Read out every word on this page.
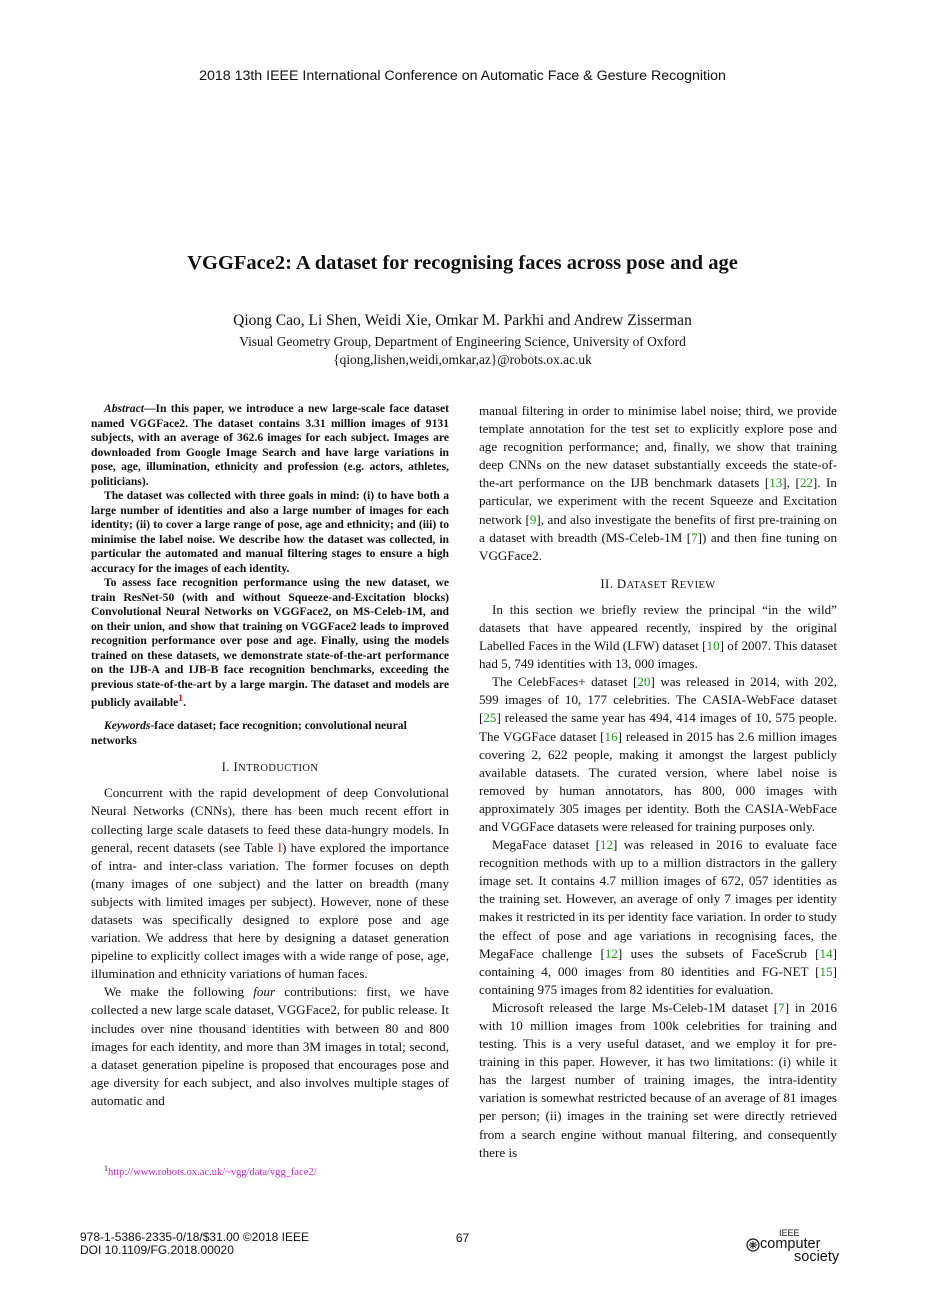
2018 13th IEEE International Conference on Automatic Face & Gesture Recognition
VGGFace2: A dataset for recognising faces across pose and age
Qiong Cao, Li Shen, Weidi Xie, Omkar M. Parkhi and Andrew Zisserman
Visual Geometry Group, Department of Engineering Science, University of Oxford
{qiong,lishen,weidi,omkar,az}@robots.ox.ac.uk

Abstract—In this paper, we introduce a new large-scale face dataset named VGGFace2. The dataset contains 3.31 million images of 9131 subjects, with an average of 362.6 images for each subject. Images are downloaded from Google Image Search and have large variations in pose, age, illumination, ethnicity and profession (e.g. actors, athletes, politicians).

The dataset was collected with three goals in mind: (i) to have both a large number of identities and also a large number of images for each identity; (ii) to cover a large range of pose, age and ethnicity; and (iii) to minimise the label noise. We describe how the dataset was collected, in particular the automated and manual filtering stages to ensure a high accuracy for the images of each identity.

To assess face recognition performance using the new dataset, we train ResNet-50 (with and without Squeeze-and-Excitation blocks) Convolutional Neural Networks on VGGFace2, on MS-Celeb-1M, and on their union, and show that training on VGGFace2 leads to improved recognition performance over pose and age. Finally, using the models trained on these datasets, we demonstrate state-of-the-art performance on the IJB-A and IJB-B face recognition benchmarks, exceeding the previous state-of-the-art by a large margin. The dataset and models are publicly available$^1$.

Keywords-face dataset; face recognition; convolutional neural networks
I. INTRODUCTION

Concurrent with the rapid development of deep Convolutional Neural Networks (CNNs), there has been much recent effort in collecting large scale datasets to feed these data-hungry models. In general, recent datasets (see Table I) have explored the importance of intra- and inter-class variation. The former focuses on depth (many images of one subject) and the latter on breadth (many subjects with limited images per subject). However, none of these datasets was specifically designed to explore pose and age variation. We address that here by designing a dataset generation pipeline to explicitly collect images with a wide range of pose, age, illumination and ethnicity variations of human faces.

We make the following four contributions: first, we have collected a new large scale dataset, VGGFace2, for public release. It includes over nine thousand identities with between 80 and 800 images for each identity, and more than 3M images in total; second, a dataset generation pipeline is proposed that encourages pose and age diversity for each subject, and also involves multiple stages of automatic and

manual filtering in order to minimise label noise; third, we provide template annotation for the test set to explicitly explore pose and age recognition performance; and, finally, we show that training deep CNNs on the new dataset substantially exceeds the state-of-the-art performance on the IJB benchmark datasets [13], [22]. In particular, we experiment with the recent Squeeze and Excitation network [9], and also investigate the benefits of first pre-training on a dataset with breadth (MS-Celeb-1M [7]) and then fine tuning on VGGFace2.

II. DATASET REVIEW

In this section we briefly review the principal “in the wild” datasets that have appeared recently, inspired by the original Labelled Faces in the Wild (LFW) dataset [10] of 2007. This dataset had 5, 749 identities with 13, 000 images.

The CelebFaces+ dataset [20] was released in 2014, with 202, 599 images of 10, 177 celebrities. The CASIA-WebFace dataset [25] released the same year has 494, 414 images of 10, 575 people. The VGGFace dataset [16] released in 2015 has 2.6 million images covering 2, 622 people, making it amongst the largest publicly available datasets. The curated version, where label noise is removed by human annotators, has 800, 000 images with approximately 305 images per identity. Both the CASIA-WebFace and VGGFace datasets were released for training purposes only.

MegaFace dataset [12] was released in 2016 to evaluate face recognition methods with up to a million distractors in the gallery image set. It contains 4.7 million images of 672, 057 identities as the training set. However, an average of only 7 images per identity makes it restricted in its per identity face variation. In order to study the effect of pose and age variations in recognising faces, the MegaFace challenge [12] uses the subsets of FaceScrub [14] containing 4, 000 images from 80 identities and FG-NET [15] containing 975 images from 82 identities for evaluation.

Microsoft released the large Ms-Celeb-1M dataset [7] in 2016 with 10 million images from 100k celebrities for training and testing. This is a very useful dataset, and we employ it for pre-training in this paper. However, it has two limitations: (i) while it has the largest number of training images, the intra-identity variation is somewhat restricted because of an average of 81 images per person; (ii) images in the training set were directly retrieved from a search engine without manual filtering, and consequently there is

$^1$http://www.robots.ox.ac.uk/~vgg/data/vgg_face2/
978-1-5386-2335-0/18/$31.00 ©2018 IEEE
DOI 10.1109/FG.2018.00020
67	IEEE
computer
society
